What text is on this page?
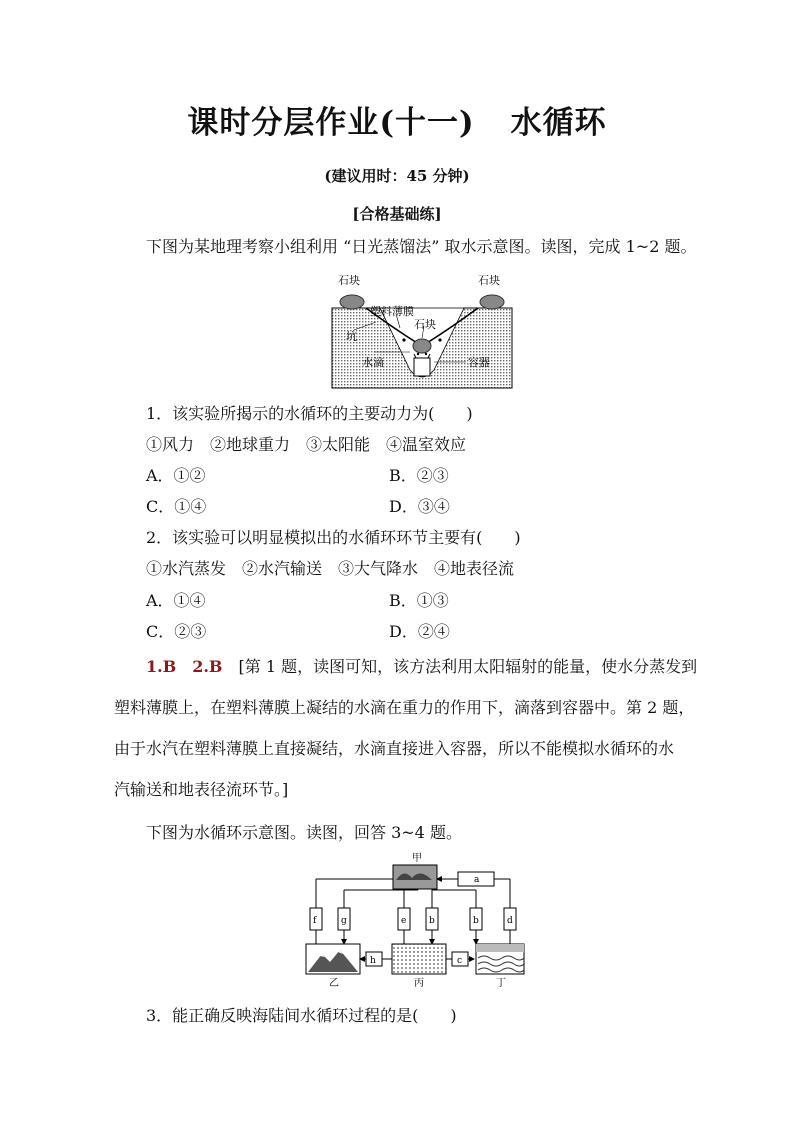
课时分层作业(十一) 水循环
(建议用时：45 分钟)
[合格基础练]
下图为某地理考察小组利用 “日光蒸馏法” 取水示意图。读图，完成 1~2 题。
石块	石块
塑料薄膜
石块
坑
水滴	容器
1．该实验所揭示的水循环的主要动力为(　　)
①风力　②地球重力　③太阳能　④温室效应
A．①②	B．②③
C．①④	D．③④
2．该实验可以明显模拟出的水循环环节主要有(　　)
①水汽蒸发　②水汽输送　③大气降水　④地表径流
A．①④	B．①③
C．②③	D．②④
1.B　2.B　 [第 1 题，读图可知，该方法利用太阳辐射的能量，使水分蒸发到
塑料薄膜上，在塑料薄膜上凝结的水滴在重力的作用下，滴落到容器中。第 2 题，
由于水汽在塑料薄膜上直接凝结，水滴直接进入容器，所以不能模拟水循环的水
汽输送和地表径流环节。]
下图为水循环示意图。读图，回答 3~4 题。
甲
a
f	g	e	b	b	d
h	c
乙	丙	丁
3．能正确反映海陆间水循环过程的是(　　)
